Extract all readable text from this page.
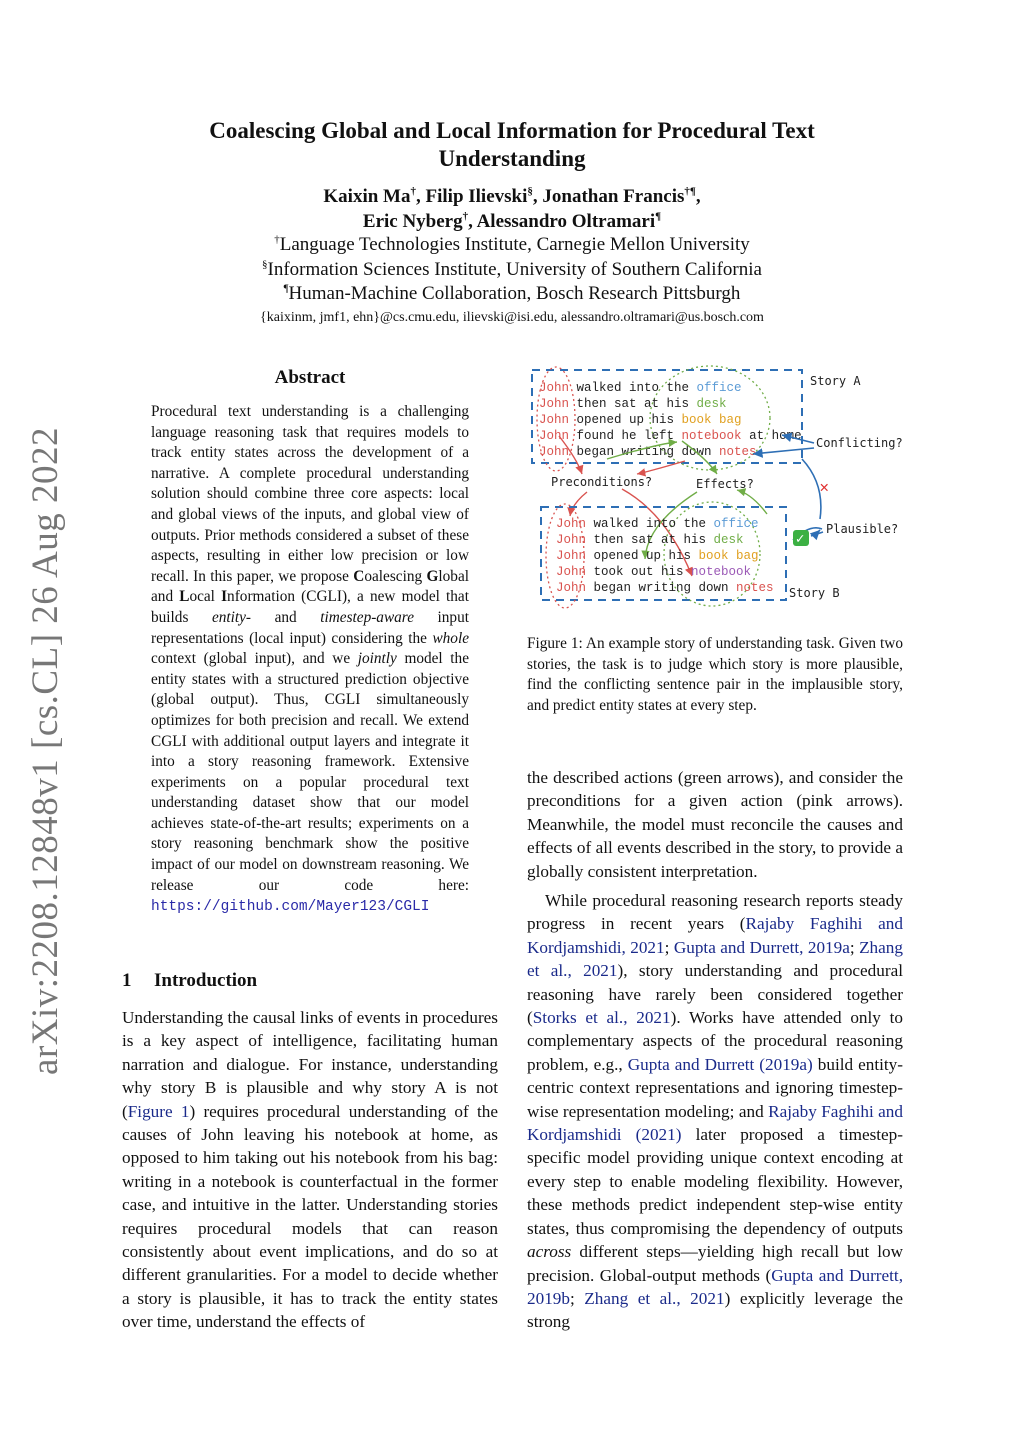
arXiv:2208.12848v1 [cs.CL] 26 Aug 2022
Coalescing Global and Local Information for Procedural Text
Understanding
Kaixin Ma†, Filip Ilievski§, Jonathan Francis†¶,
Eric Nyberg†, Alessandro Oltramari¶
†Language Technologies Institute, Carnegie Mellon University
§Information Sciences Institute, University of Southern California
¶Human-Machine Collaboration, Bosch Research Pittsburgh
{kaixinm, jmf1, ehn}@cs.cmu.edu, ilievski@isi.edu, alessandro.oltramari@us.bosch.com
Abstract
Procedural text understanding is a challenging language reasoning task that requires models to track entity states across the development of a narrative. A complete procedural understanding solution should combine three core aspects: local and global views of the inputs, and global view of outputs. Prior methods considered a subset of these aspects, resulting in either low precision or low recall. In this paper, we propose Coalescing Global and Local Information (CGLI), a new model that builds entity- and timestep-aware input representations (local input) considering the whole context (global input), and we jointly model the entity states with a structured prediction objective (global output). Thus, CGLI simultaneously optimizes for both precision and recall. We extend CGLI with additional output layers and integrate it into a story reasoning framework. Extensive experiments on a popular procedural text understanding dataset show that our model achieves state-of-the-art results; experiments on a story reasoning benchmark show the positive impact of our model on downstream reasoning. We release our code here: https://github.com/Mayer123/CGLI
1 Introduction
Understanding the causal links of events in procedures is a key aspect of intelligence, facilitating human narration and dialogue. For instance, understanding why story B is plausible and why story A is not (Figure 1) requires procedural understanding of the causes of John leaving his notebook at home, as opposed to him taking out his notebook from his bag: writing in a notebook is counterfactual in the former case, and intuitive in the latter. Understanding stories requires procedural models that can reason consistently about event implications, and do so at different granularities. For a model to decide whether a story is plausible, it has to track the entity states over time, understand the effects of
John walked into the office
John then sat at his desk
John opened up his book bag
John found he left notebook at home
John began writing down notes
Story A
Conflicting?
✕
Preconditions?	Effects?
John walked into the office
John then sat at his desk
John opened up his book bag
John took out his notebook
John began writing down notes
✓
Plausible?
Story B
Figure 1: An example story of understanding task. Given two stories, the task is to judge which story is more plausible, find the conflicting sentence pair in the implausible story, and predict entity states at every step.
the described actions (green arrows), and consider the preconditions for a given action (pink arrows). Meanwhile, the model must reconcile the causes and effects of all events described in the story, to provide a globally consistent interpretation.
While procedural reasoning research reports steady progress in recent years (Rajaby Faghihi and Kordjamshidi, 2021; Gupta and Durrett, 2019a; Zhang et al., 2021), story understanding and procedural reasoning have rarely been considered together (Storks et al., 2021). Works have attended only to complementary aspects of the procedural reasoning problem, e.g., Gupta and Durrett (2019a) build entity-centric context representations and ignoring timestep-wise representation modeling; and Rajaby Faghihi and Kordjamshidi (2021) later proposed a timestep-specific model providing unique context encoding at every step to enable modeling flexibility. However, these methods predict independent step-wise entity states, thus compromising the dependency of outputs across different steps—yielding high recall but low precision. Global-output methods (Gupta and Durrett, 2019b; Zhang et al., 2021) explicitly leverage the strong
